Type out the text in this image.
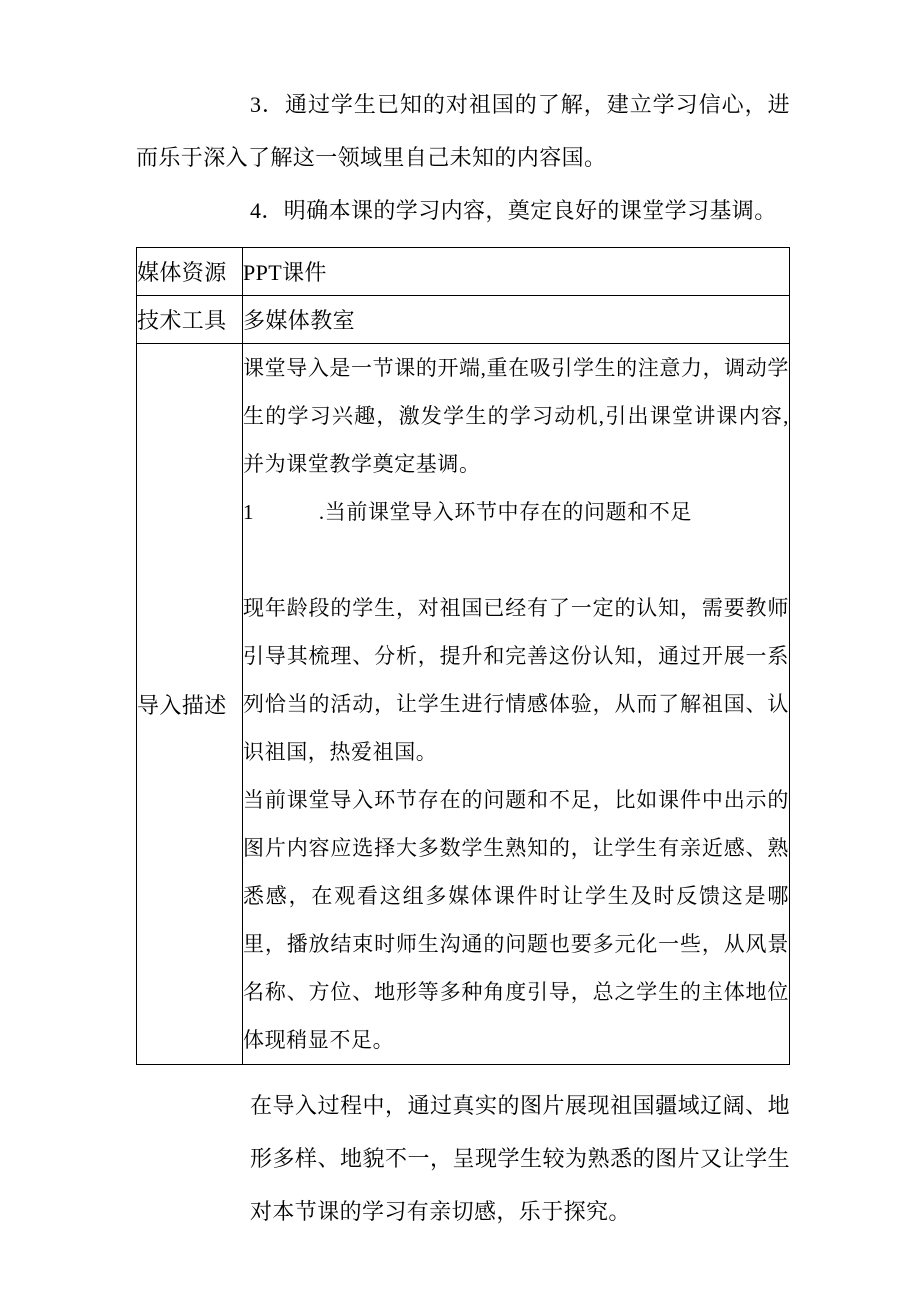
3．通过学生已知的对祖国的了解，建立学习信心，进而乐于深入了解这一领域里自己未知的内容国。

4．明确本课的学习内容，奠定良好的课堂学习基调。

媒体资源	PPT课件
技术工具	多媒体教室
导入描述	课堂导入是一节课的开端,重在吸引学生的注意力，调动学生的学习兴趣，激发学生的学习动机,引出课堂讲课内容,并为课堂教学奠定基调。

1　　　.当前课堂导入环节中存在的问题和不足

现年龄段的学生，对祖国已经有了一定的认知，需要教师引导其梳理、分析，提升和完善这份认知，通过开展一系列恰当的活动，让学生进行情感体验，从而了解祖国、认识祖国，热爱祖国。

当前课堂导入环节存在的问题和不足，比如课件中出示的图片内容应选择大多数学生熟知的，让学生有亲近感、熟悉感，在观看这组多媒体课件时让学生及时反馈这是哪里，播放结束时师生沟通的问题也要多元化一些，从风景名称、方位、地形等多种角度引导，总之学生的主体地位体现稍显不足。

在导入过程中，通过真实的图片展现祖国疆域辽阔、地形多样、地貌不一，呈现学生较为熟悉的图片又让学生对本节课的学习有亲切感，乐于探究。
